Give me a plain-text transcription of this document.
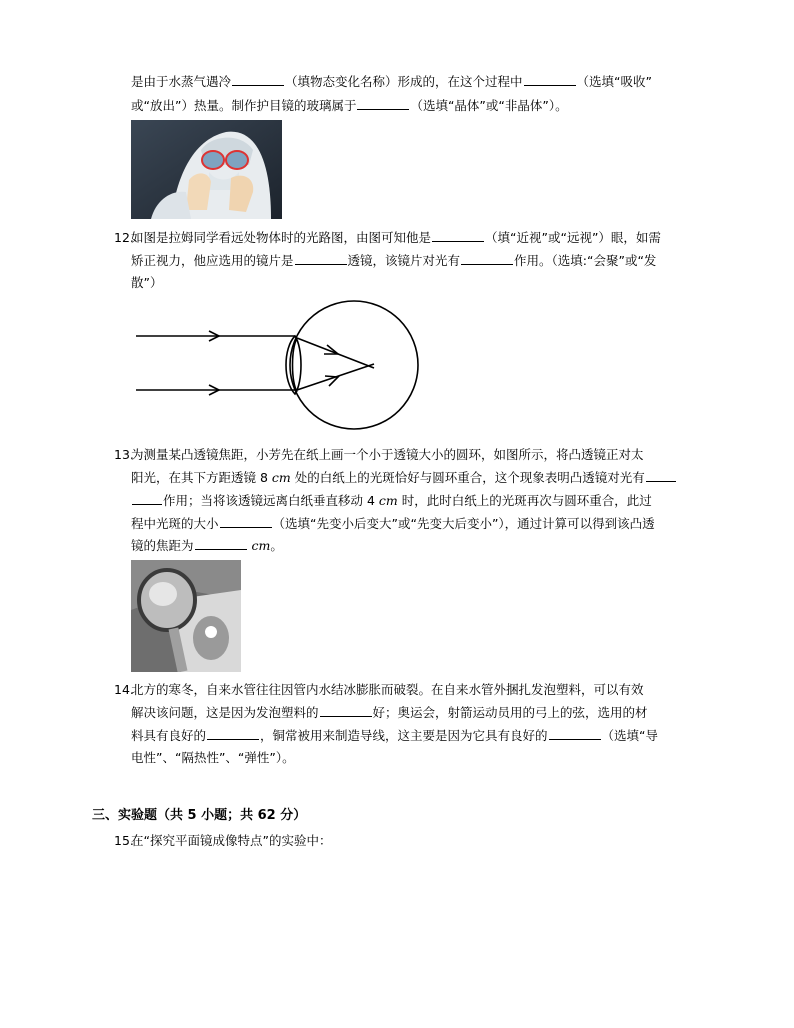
是由于水蒸气遇冷	（填物态变化名称）形成的，在这个过程中	（选填“吸收”
或“放出”）热量。制作护目镜的玻璃属于	（选填“晶体”或“非晶体”）。
12.
如图是拉姆同学看远处物体时的光路图，由图可知他是	（填“近视”或“远视”）眼，如需
矫正视力，他应选用的镜片是	透镜，该镜片对光有	作用。（选填:“会聚”或“发
散”）
13.
为测量某凸透镜焦距，小芳先在纸上画一个小于透镜大小的圆环，如图所示，将凸透镜正对太
阳光，在其下方距透镜 8 cm 处的白纸上的光斑恰好与圆环重合，这个现象表明凸透镜对光有
作用；当将该透镜远离白纸垂直移动 4 cm 时，此时白纸上的光斑再次与圆环重合，此过
程中光斑的大小	（选填“先变小后变大”或“先变大后变小”），通过计算可以得到该凸透
镜的焦距为	cm。
14.
北方的寒冬，自来水管往往因管内水结冰膨胀而破裂。在自来水管外捆扎发泡塑料，可以有效
解决该问题，这是因为发泡塑料的	好；奥运会，射箭运动员用的弓上的弦，选用的材
料具有良好的	，铜常被用来制造导线，这主要是因为它具有良好的	（选填“导
电性”、“隔热性”、“弹性”）。
三、实验题（共 5 小题；共 62 分）
15.
在“探究平面镜成像特点”的实验中：
